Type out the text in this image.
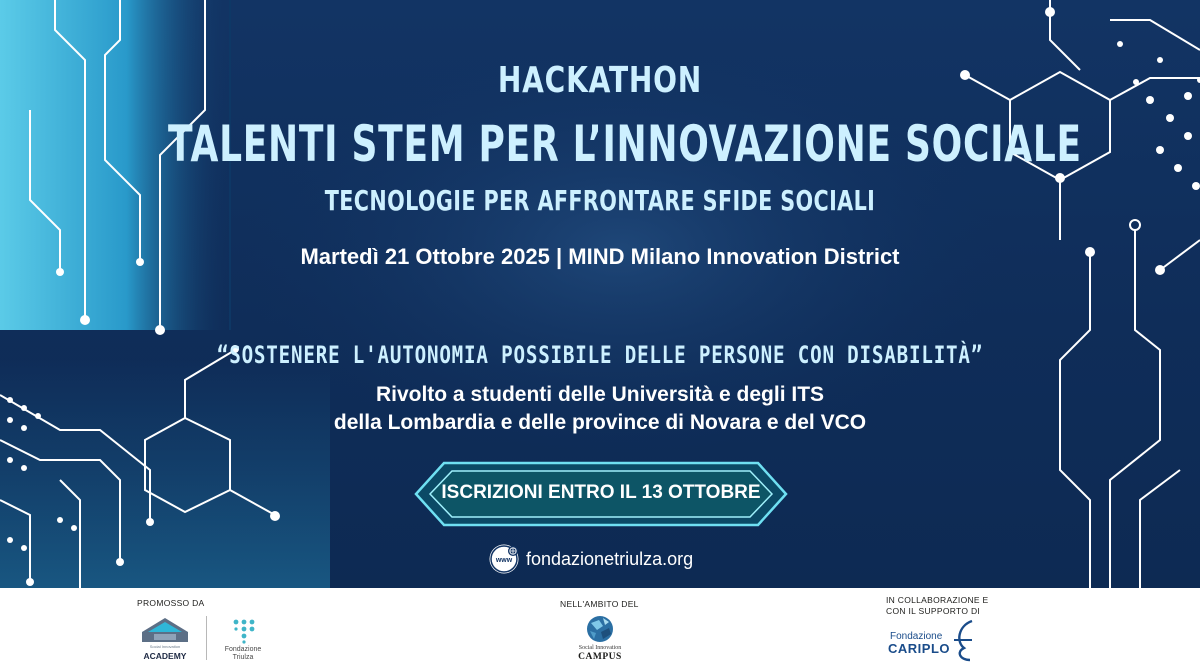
HACKATHON
TALENTI STEM PER L’INNOVAZIONE SOCIALE
TECNOLOGIE PER AFFRONTARE SFIDE SOCIALI
Martedì 21 Ottobre 2025 | MIND Milano Innovation District
“SOSTENERE L'AUTONOMIA POSSIBILE DELLE PERSONE CON DISABILITÀ”
Rivolto a studenti delle Università e degli ITS
della Lombardia e delle province di Novara e del VCO
ISCRIZIONI ENTRO IL 13 OTTOBRE
www fondazionetriulza.org
PROMOSSO DA
Social Innovation
ACADEMY
Fondazione
Triulza
NELL'AMBITO DEL
Social Innovation
CAMPUS
IN COLLABORAZIONE E
CON IL SUPPORTO DI
Fondazione
CARIPLO
